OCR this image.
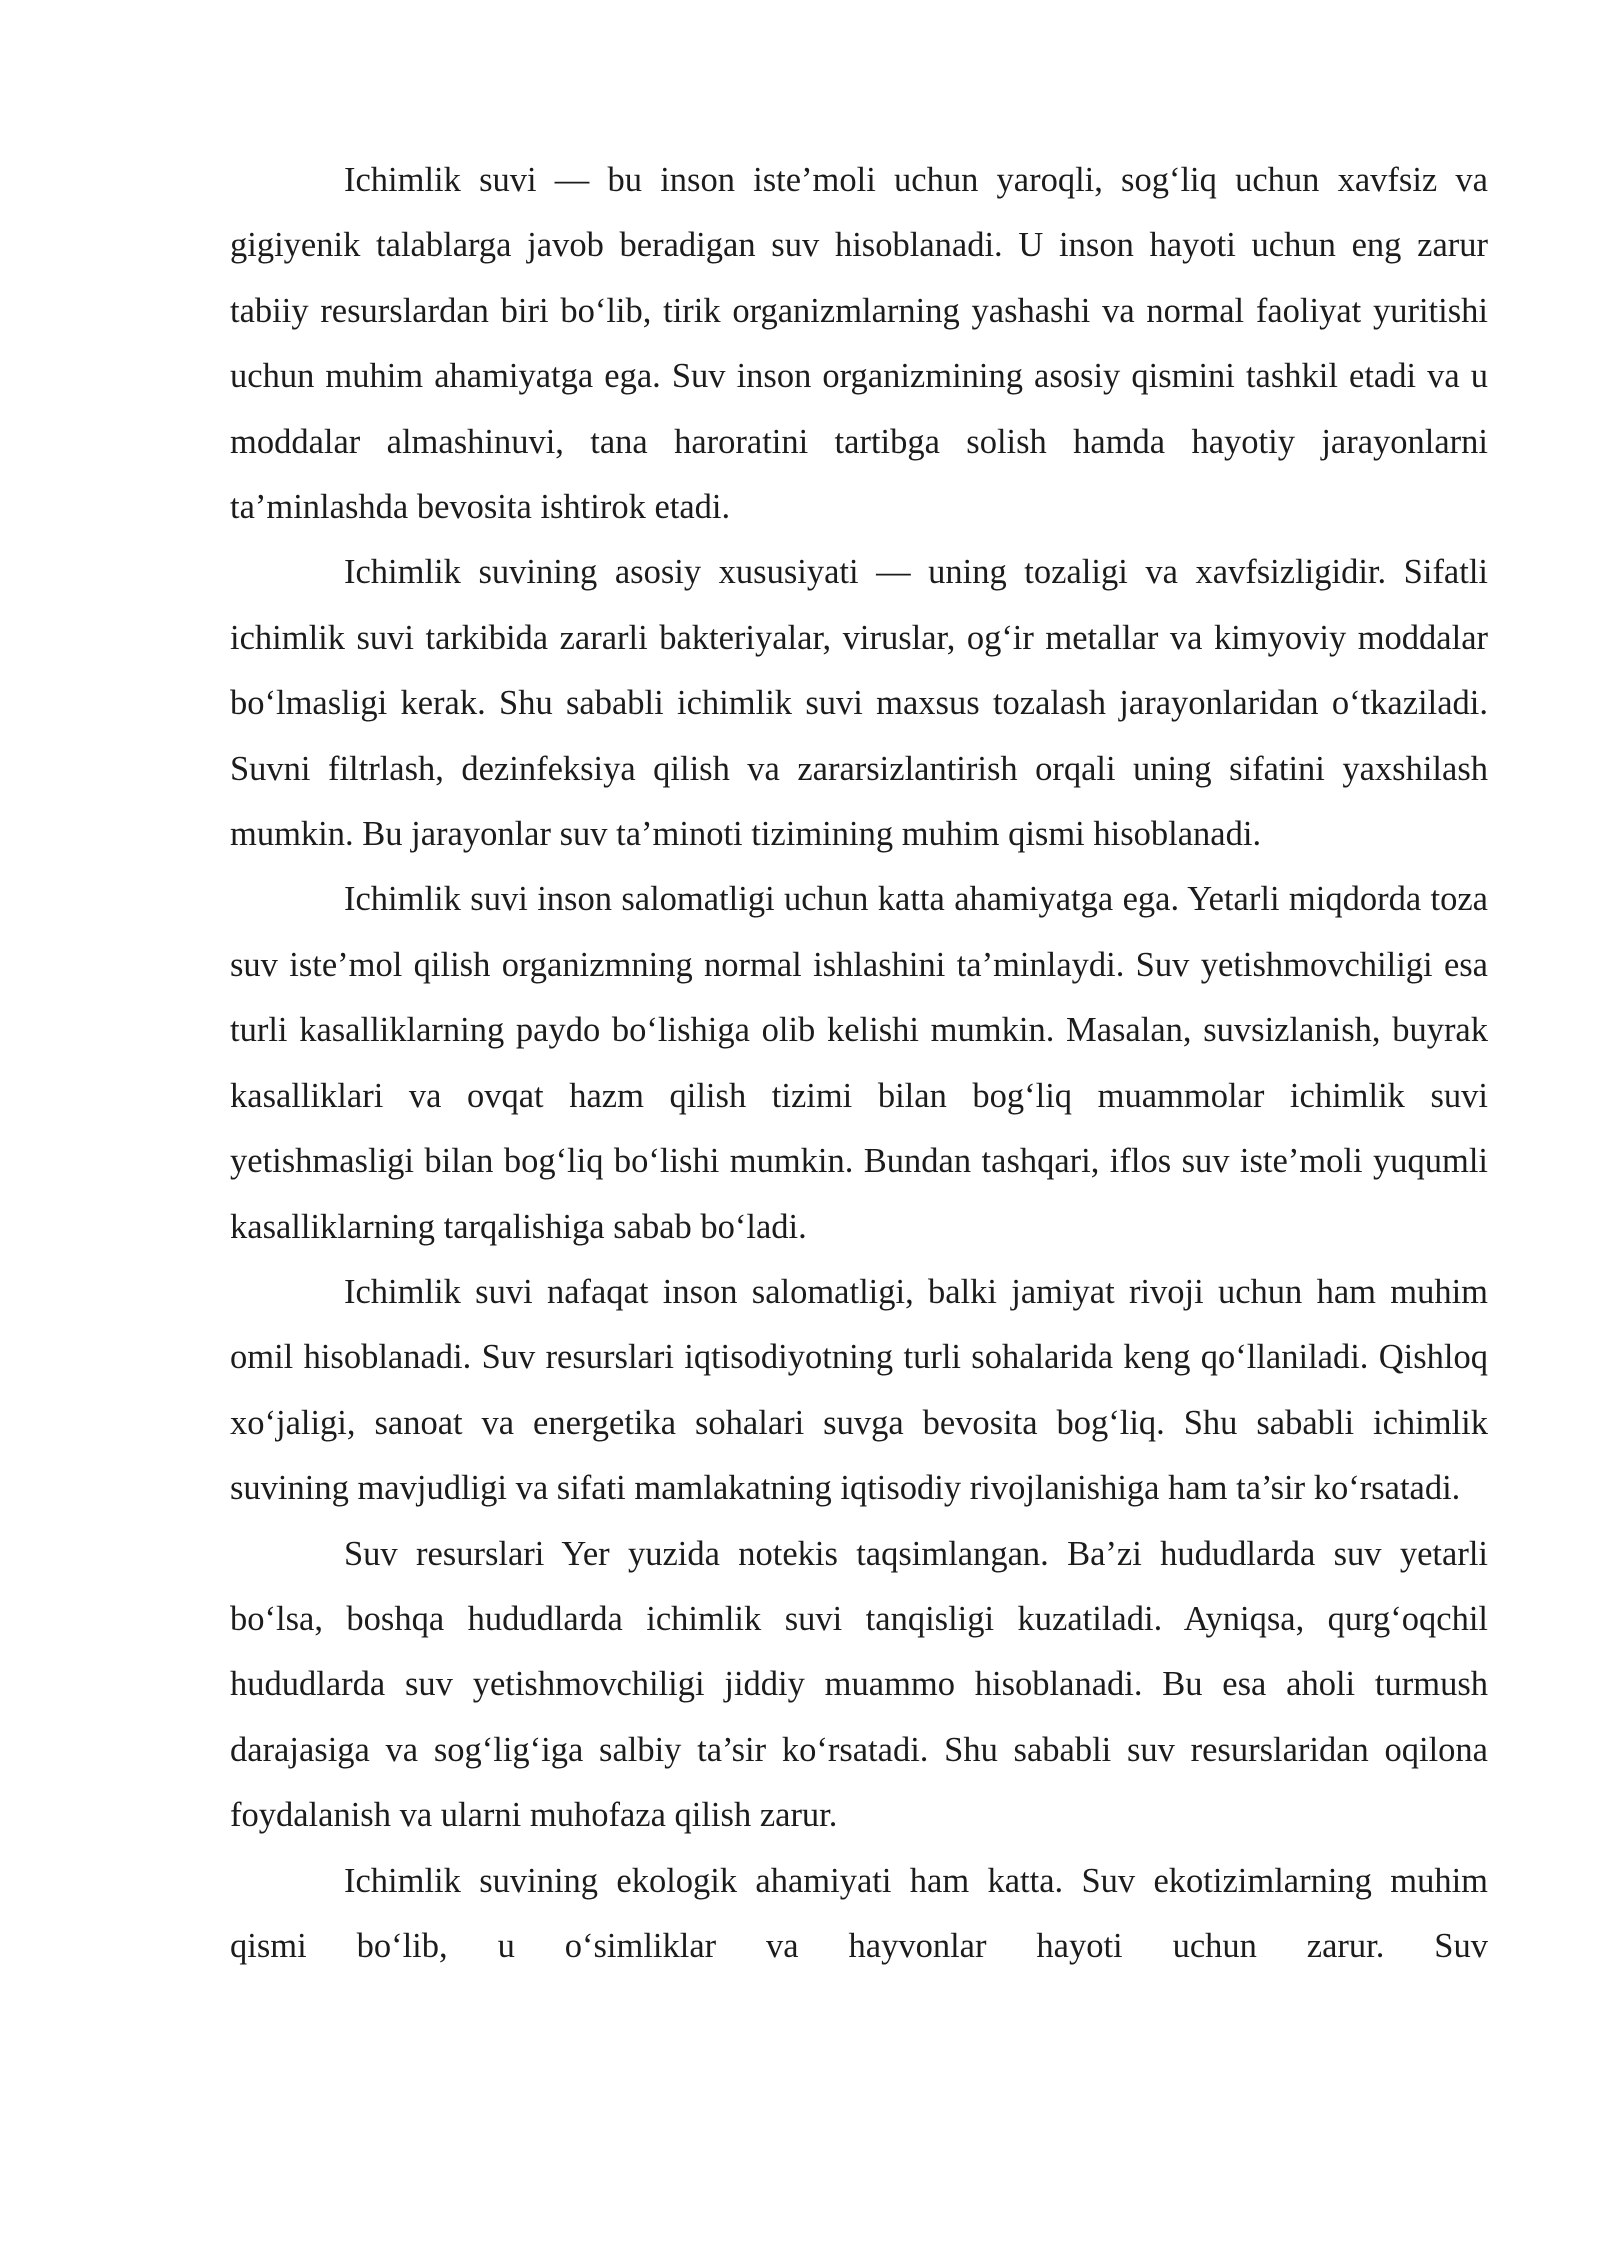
Ichimlik suvi — bu inson iste’moli uchun yaroqli, sog‘liq uchun xavfsiz va gigiyenik talablarga javob beradigan suv hisoblanadi. U inson hayoti uchun eng zarur tabiiy resurslardan biri bo‘lib, tirik organizmlarning yashashi va normal faoliyat yuritishi uchun muhim ahamiyatga ega. Suv inson organizmining asosiy qismini tashkil etadi va u moddalar almashinuvi, tana haroratini tartibga solish hamda hayotiy jarayonlarni ta’minlashda bevosita ishtirok etadi.

Ichimlik suvining asosiy xususiyati — uning tozaligi va xavfsizligidir. Sifatli ichimlik suvi tarkibida zararli bakteriyalar, viruslar, og‘ir metallar va kimyoviy moddalar bo‘lmasligi kerak. Shu sababli ichimlik suvi maxsus tozalash jarayonlaridan o‘tkaziladi. Suvni filtrlash, dezinfeksiya qilish va zararsizlantirish orqali uning sifatini yaxshilash mumkin. Bu jarayonlar suv ta’minoti tizimining muhim qismi hisoblanadi.

Ichimlik suvi inson salomatligi uchun katta ahamiyatga ega. Yetarli miqdorda toza suv iste’mol qilish organizmning normal ishlashini ta’minlaydi. Suv yetishmovchiligi esa turli kasalliklarning paydo bo‘lishiga olib kelishi mumkin. Masalan, suvsizlanish, buyrak kasalliklari va ovqat hazm qilish tizimi bilan bog‘liq muammolar ichimlik suvi yetishmasligi bilan bog‘liq bo‘lishi mumkin. Bundan tashqari, iflos suv iste’moli yuqumli kasalliklarning tarqalishiga sabab bo‘ladi.

Ichimlik suvi nafaqat inson salomatligi, balki jamiyat rivoji uchun ham muhim omil hisoblanadi. Suv resurslari iqtisodiyotning turli sohalarida keng qo‘llaniladi. Qishloq xo‘jaligi, sanoat va energetika sohalari suvga bevosita bog‘liq. Shu sababli ichimlik suvining mavjudligi va sifati mamlakatning iqtisodiy rivojlanishiga ham ta’sir ko‘rsatadi.

Suv resurslari Yer yuzida notekis taqsimlangan. Ba’zi hududlarda suv yetarli bo‘lsa, boshqa hududlarda ichimlik suvi tanqisligi kuzatiladi. Ayniqsa, qurg‘oqchil hududlarda suv yetishmovchiligi jiddiy muammo hisoblanadi. Bu esa aholi turmush darajasiga va sog‘lig‘iga salbiy ta’sir ko‘rsatadi. Shu sababli suv resurslaridan oqilona foydalanish va ularni muhofaza qilish zarur.

Ichimlik suvining ekologik ahamiyati ham katta. Suv ekotizimlarning muhim qismi bo‘lib, u o‘simliklar va hayvonlar hayoti uchun zarur. Suv
